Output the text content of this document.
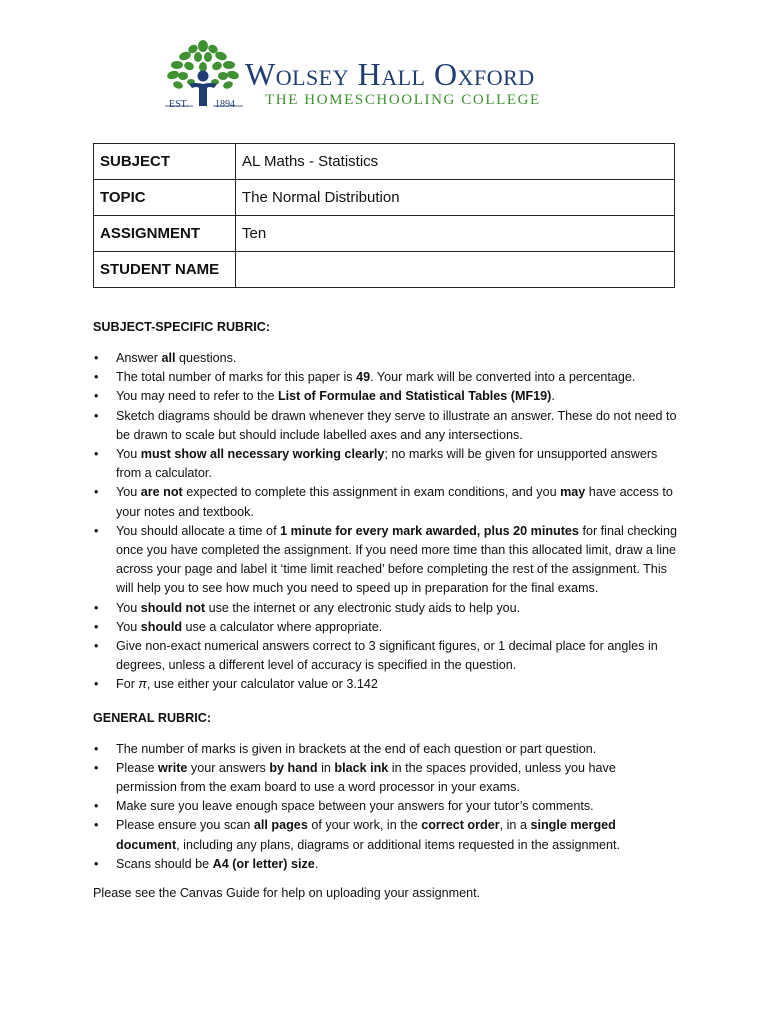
EST.	1894
Wolsey Hall Oxford
THE HOMESCHOOLING COLLEGE
SUBJECT	AL Maths - Statistics
TOPIC	The Normal Distribution
ASSIGNMENT	Ten
STUDENT NAME	
SUBJECT-SPECIFIC RUBRIC:
• Answer all questions.
• The total number of marks for this paper is 49. Your mark will be converted into a percentage.
• You may need to refer to the List of Formulae and Statistical Tables (MF19).
• Sketch diagrams should be drawn whenever they serve to illustrate an answer. These do not need to be drawn to scale but should include labelled axes and any intersections.
• You must show all necessary working clearly; no marks will be given for unsupported answers from a calculator.
• You are not expected to complete this assignment in exam conditions, and you may have access to your notes and textbook.
• You should allocate a time of 1 minute for every mark awarded, plus 20 minutes for final checking once you have completed the assignment. If you need more time than this allocated limit, draw a line across your page and label it ‘time limit reached’ before completing the rest of the assignment. This will help you to see how much you need to speed up in preparation for the final exams.
• You should not use the internet or any electronic study aids to help you.
• You should use a calculator where appropriate.
• Give non-exact numerical answers correct to 3 significant figures, or 1 decimal place for angles in degrees, unless a different level of accuracy is specified in the question.
• For π, use either your calculator value or 3.142
GENERAL RUBRIC:
• The number of marks is given in brackets at the end of each question or part question.
• Please write your answers by hand in black ink in the spaces provided, unless you have permission from the exam board to use a word processor in your exams.
• Make sure you leave enough space between your answers for your tutor’s comments.
• Please ensure you scan all pages of your work, in the correct order, in a single merged document, including any plans, diagrams or additional items requested in the assignment.
• Scans should be A4 (or letter) size.

Please see the Canvas Guide for help on uploading your assignment.
